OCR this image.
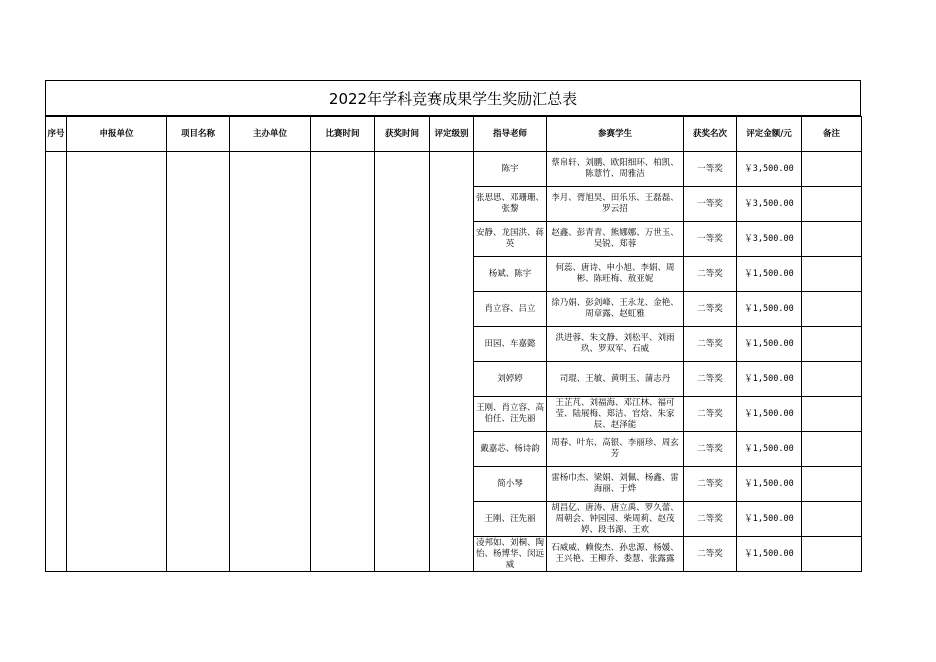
2022年学科竞赛成果学生奖励汇总表
序号	申报单位	项目名称	主办单位	比赛时间	获奖时间	评定级别	指导老师	参赛学生	获奖名次	评定金额/元	备注
							陈宇	蔡帛轩、刘鹏、欧阳细环、柏凯、陈薏竹、周雅洁	一等奖	￥3,500.00	
							张思思、邓珊珊、张黎	李月、胥旭昊、田乐乐、王磊磊、罗云招	一等奖	￥3,500.00	
							安静、龙国洪、蒋英	赵鑫、彭青青、熊娜娜、万世玉、吴锐、郑蓉	一等奖	￥3,500.00	
							杨斌、陈宇	何蕊、唐诗、申小旭、李娟、周彬、陈旺梅、敖亚妮	二等奖	￥1,500.00	
							肖立容、吕立	徐乃娟、彭剑峰、王永龙、金艳、周章露、赵虹雅	二等奖	￥1,500.00	
							田园、车嘉懿	洪进蓉、朱文静、刘松平、刘雨玖、罗双军、石威	二等奖	￥1,500.00	
							刘婷婷	司琨、王敏、黄明玉、蒲志丹	二等奖	￥1,500.00	
							王刚、肖立容、高伯任、汪先丽	王芷芃、刘福海、邓江林、福可莹、陆展梅、郑洁、官焓、朱家辰、赵泽能	二等奖	￥1,500.00	
							戴嘉芯、杨诗韵	周春、叶东、高银、李丽珍、周玄芳	二等奖	￥1,500.00	
							简小琴	雷杨巾杰、梁娟、刘佩、杨鑫、雷海丽、于烨	二等奖	￥1,500.00	
							王刚、汪先丽	胡昌亿、唐涛、唐立禹、罗久蕾、周朝会、钟园园、柴周莉、赵茂婷、段书源、王欢	二等奖	￥1,500.00	
							凌邦如、刘桐、陶怡、杨博华、闵远威	石威威、赖俊杰、孙忠源、杨媛、王兴艳、王柳乔、娄慧、张露露	二等奖	￥1,500.00	
